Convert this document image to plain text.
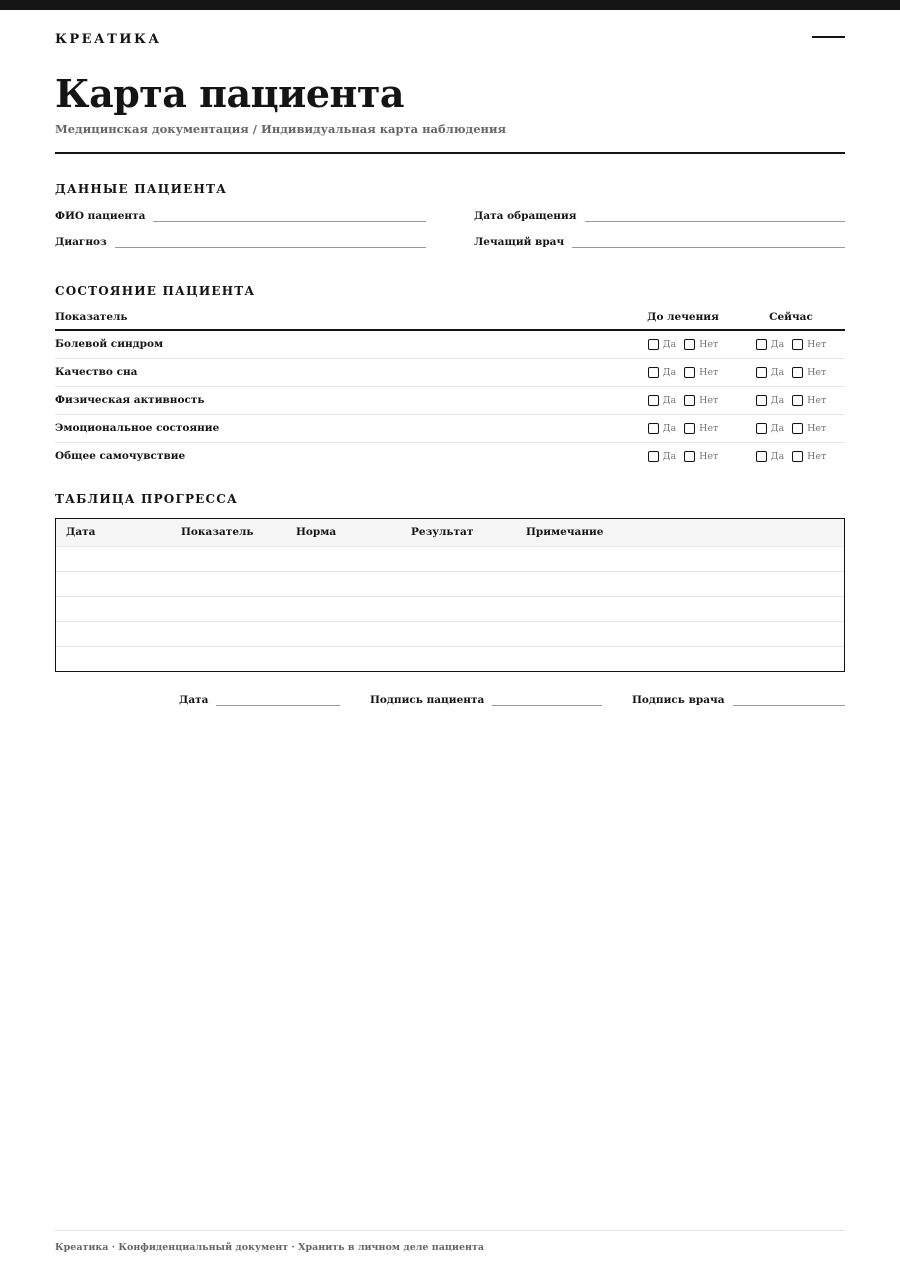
КРЕАТИКА
Карта пациента
Медицинская документация / Индивидуальная карта наблюдения
ДАННЫЕ ПАЦИЕНТА
ФИО пациента	Дата обращения
Диагноз	Лечащий врач
СОСТОЯНИЕ ПАЦИЕНТА
Показатель	До лечения	Сейчас
Болевой синдром	Да Нет	Да Нет
Качество сна	Да Нет	Да Нет
Физическая активность	Да Нет	Да Нет
Эмоциональное состояние	Да Нет	Да Нет
Общее самочувствие	Да Нет	Да Нет
ТАБЛИЦА ПРОГРЕССА
Дата	Показатель	Норма	Результат	Примечание
Дата	Подпись пациента	Подпись врача
Креатика · Конфиденциальный документ · Хранить в личном деле пациента
